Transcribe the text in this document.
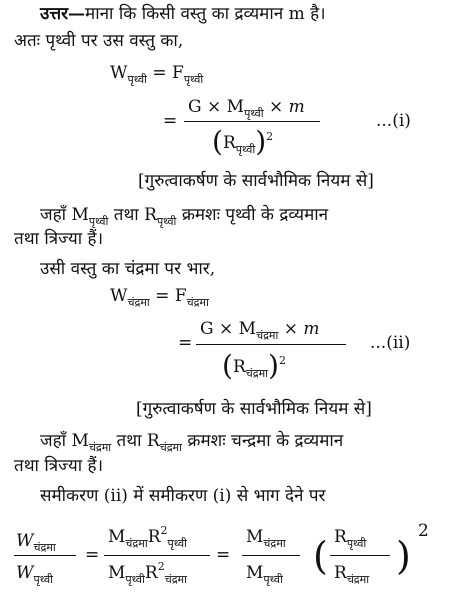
उत्तर—माना कि किसी वस्तु का द्रव्यमान m है।
अतः पृथ्वी पर उस वस्तु का,
$W_{पृथ्वी} = F_{पृथ्वी}$
=
$G \times M_{पृथ्वी} \times m$
$(R_{पृथ्वी})^2$
...(i)
[गुरुत्वाकर्षण के सार्वभौमिक नियम से]
जहाँ $M_{पृथ्वी}$ तथा $R_{पृथ्वी}$ क्रमशः पृथ्वी के द्रव्यमान
तथा त्रिज्या हैं।
उसी वस्तु का चंद्रमा पर भार,
$W_{चंद्रमा} = F_{चंद्रमा}$
=
$G \times M_{चंद्रमा} \times m$
$(R_{चंद्रमा})^2$
...(ii)
[गुरुत्वाकर्षण के सार्वभौमिक नियम से]
जहाँ $M_{चंद्रमा}$ तथा $R_{चंद्रमा}$ क्रमशः चन्द्रमा के द्रव्यमान
तथा त्रिज्या हैं।
समीकरण (ii) में समीकरण (i) से भाग देने पर
$W_{चंद्रमा}$
$W_{पृथ्वी}$
=
$M_{चंद्रमा}R^2_{पृथ्वी}$
$M_{पृथ्वी}R^2_{चंद्रमा}$
=
$M_{चंद्रमा}$
$M_{पृथ्वी}$
( $R_{पृथ्वी}$
$R_{चंद्रमा}$
)
2
